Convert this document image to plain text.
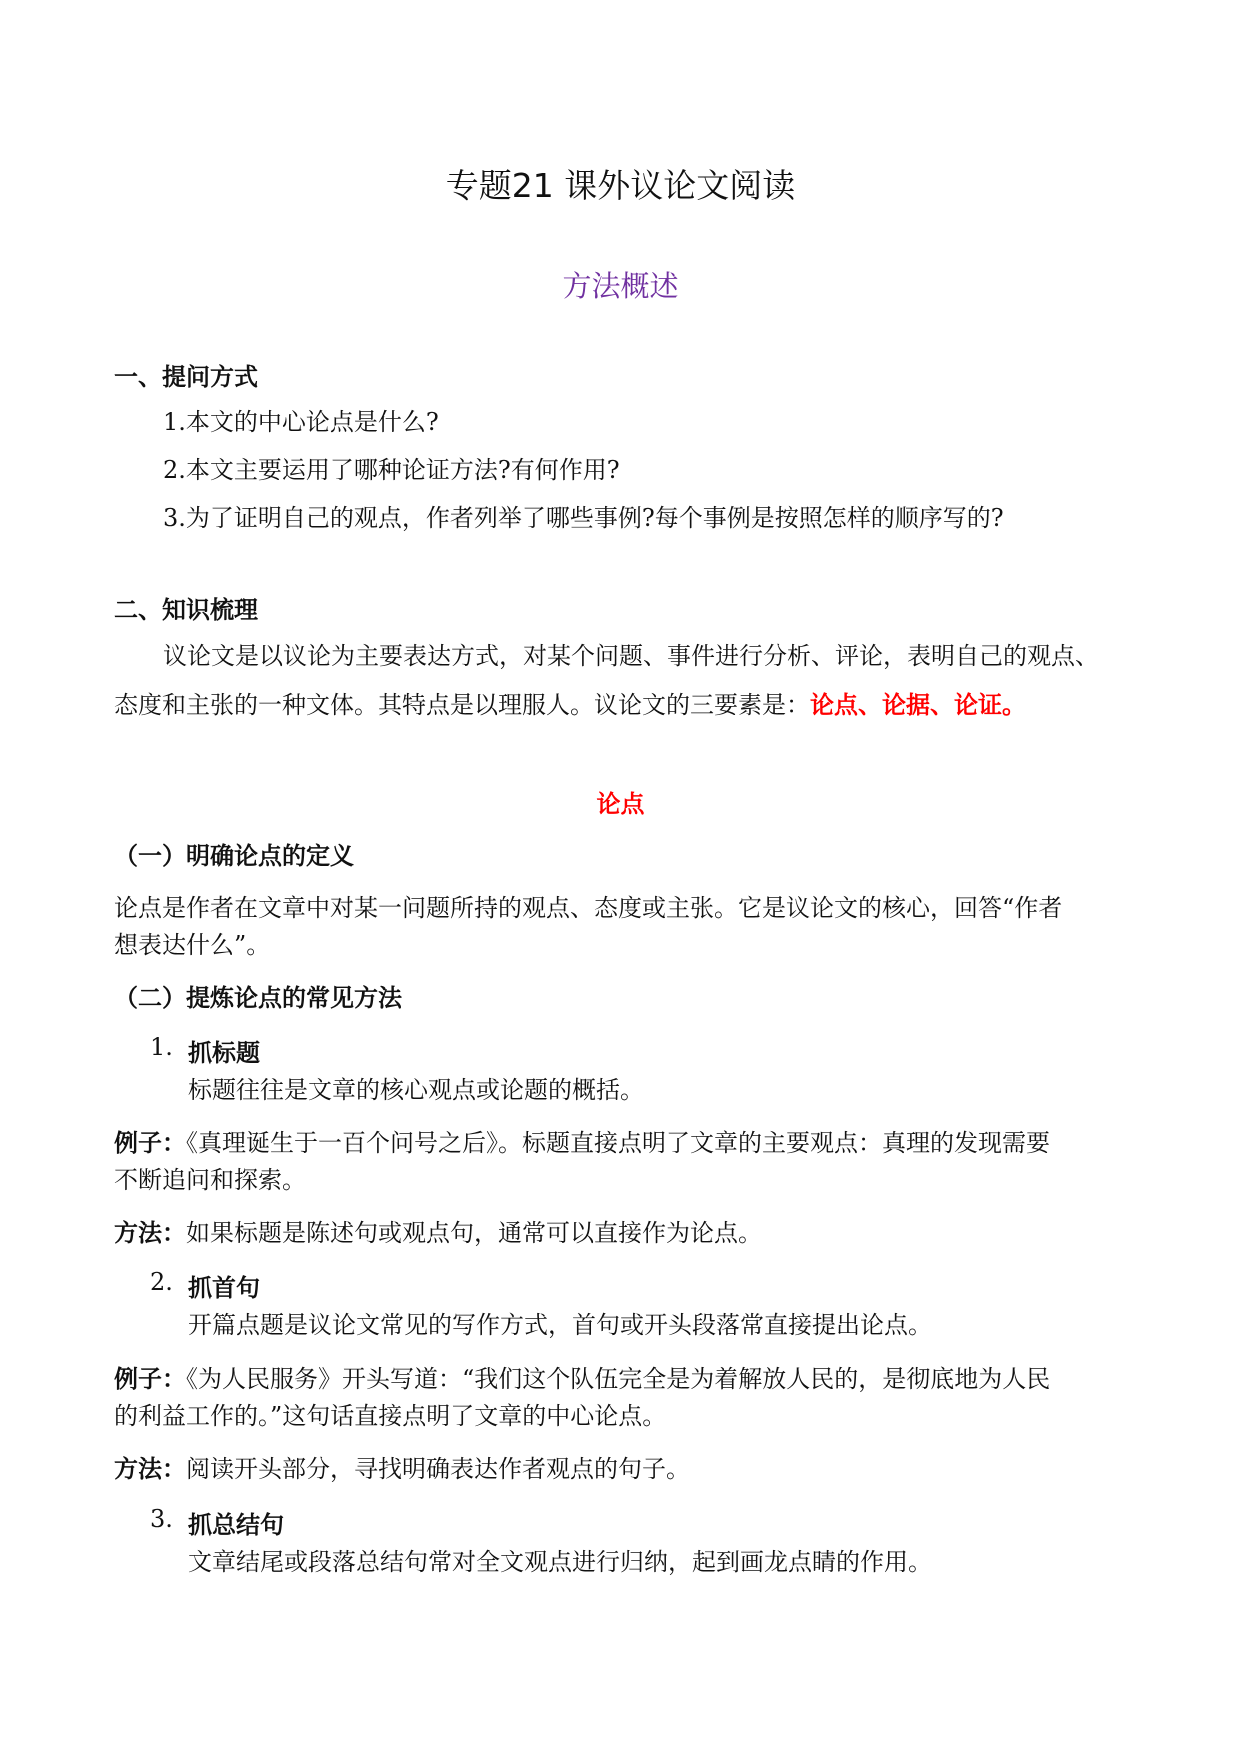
专题21 课外议论文阅读
方法概述
一、提问方式
1.本文的中心论点是什么?
2.本文主要运用了哪种论证方法?有何作用?
3.为了证明自己的观点，作者列举了哪些事例?每个事例是按照怎样的顺序写的?
二、知识梳理
议论文是以议论为主要表达方式，对某个问题、事件进行分析、评论，表明自己的观点、
态度和主张的一种文体。其特点是以理服人。议论文的三要素是：论点、论据、论证。
论点
（一）明确论点的定义
论点是作者在文章中对某一问题所持的观点、态度或主张。它是议论文的核心，回答“作者
想表达什么”。
（二）提炼论点的常见方法
1. 抓标题
标题往往是文章的核心观点或论题的概括。
例子：《真理诞生于一百个问号之后》。标题直接点明了文章的主要观点：真理的发现需要
不断追问和探索。
方法：如果标题是陈述句或观点句，通常可以直接作为论点。
2. 抓首句
开篇点题是议论文常见的写作方式，首句或开头段落常直接提出论点。
例子：《为人民服务》开头写道：“我们这个队伍完全是为着解放人民的，是彻底地为人民
的利益工作的。”这句话直接点明了文章的中心论点。
方法：阅读开头部分，寻找明确表达作者观点的句子。
3. 抓总结句
文章结尾或段落总结句常对全文观点进行归纳，起到画龙点睛的作用。
